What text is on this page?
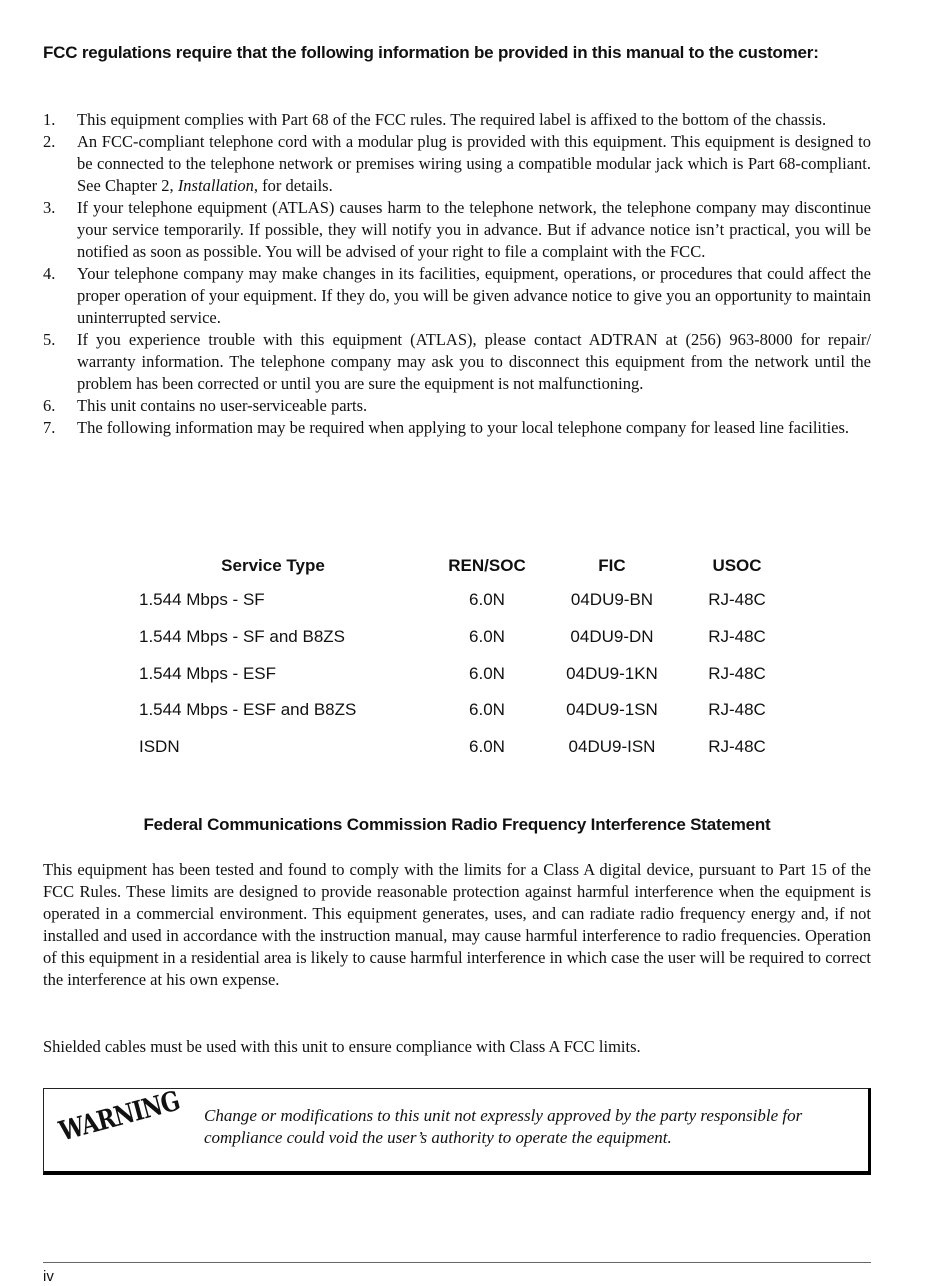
FCC regulations require that the following information be provided in this manual to the customer:
1. This equipment complies with Part 68 of the FCC rules. The required label is affixed to the bottom of the chassis.
2. An FCC-compliant telephone cord with a modular plug is provided with this equipment. This equipment is designed to be connected to the telephone network or premises wiring using a compatible modular jack which is Part 68-compliant. See Chapter 2, Installation, for details.
3. If your telephone equipment (ATLAS) causes harm to the telephone network, the telephone company may discontinue your service temporarily. If possible, they will notify you in advance. But if advance notice isn’t practical, you will be notified as soon as possible. You will be advised of your right to file a complaint with the FCC.
4. Your telephone company may make changes in its facilities, equipment, operations, or procedures that could affect the proper operation of your equipment. If they do, you will be given advance notice to give you an opportunity to maintain uninterrupted service.
5. If you experience trouble with this equipment (ATLAS), please contact ADTRAN at (256) 963-8000 for repair/ warranty information. The telephone company may ask you to disconnect this equipment from the network until the problem has been corrected or until you are sure the equipment is not malfunctioning.
6. This unit contains no user-serviceable parts.
7. The following information may be required when applying to your local telephone company for leased line facilities.
Service Type	REN/SOC	FIC	USOC
1.544 Mbps - SF	6.0N	04DU9-BN	RJ-48C
1.544 Mbps - SF and B8ZS	6.0N	04DU9-DN	RJ-48C
1.544 Mbps - ESF	6.0N	04DU9-1KN	RJ-48C
1.544 Mbps - ESF and B8ZS	6.0N	04DU9-1SN	RJ-48C
ISDN	6.0N	04DU9-ISN	RJ-48C
Federal Communications Commission Radio Frequency Interference Statement

This equipment has been tested and found to comply with the limits for a Class A digital device, pursuant to Part 15 of the FCC Rules. These limits are designed to provide reasonable protection against harmful interference when the equipment is operated in a commercial environment. This equipment generates, uses, and can radiate radio frequency energy and, if not installed and used in accordance with the instruction manual, may cause harmful interference to radio frequencies. Operation of this equipment in a residential area is likely to cause harmful interference in which case the user will be required to correct the interference at his own expense.

Shielded cables must be used with this unit to ensure compliance with Class A FCC limits.

WARNING Change or modifications to this unit not expressly approved by the party responsible for compliance could void the user’s authority to operate the equipment.
iv
